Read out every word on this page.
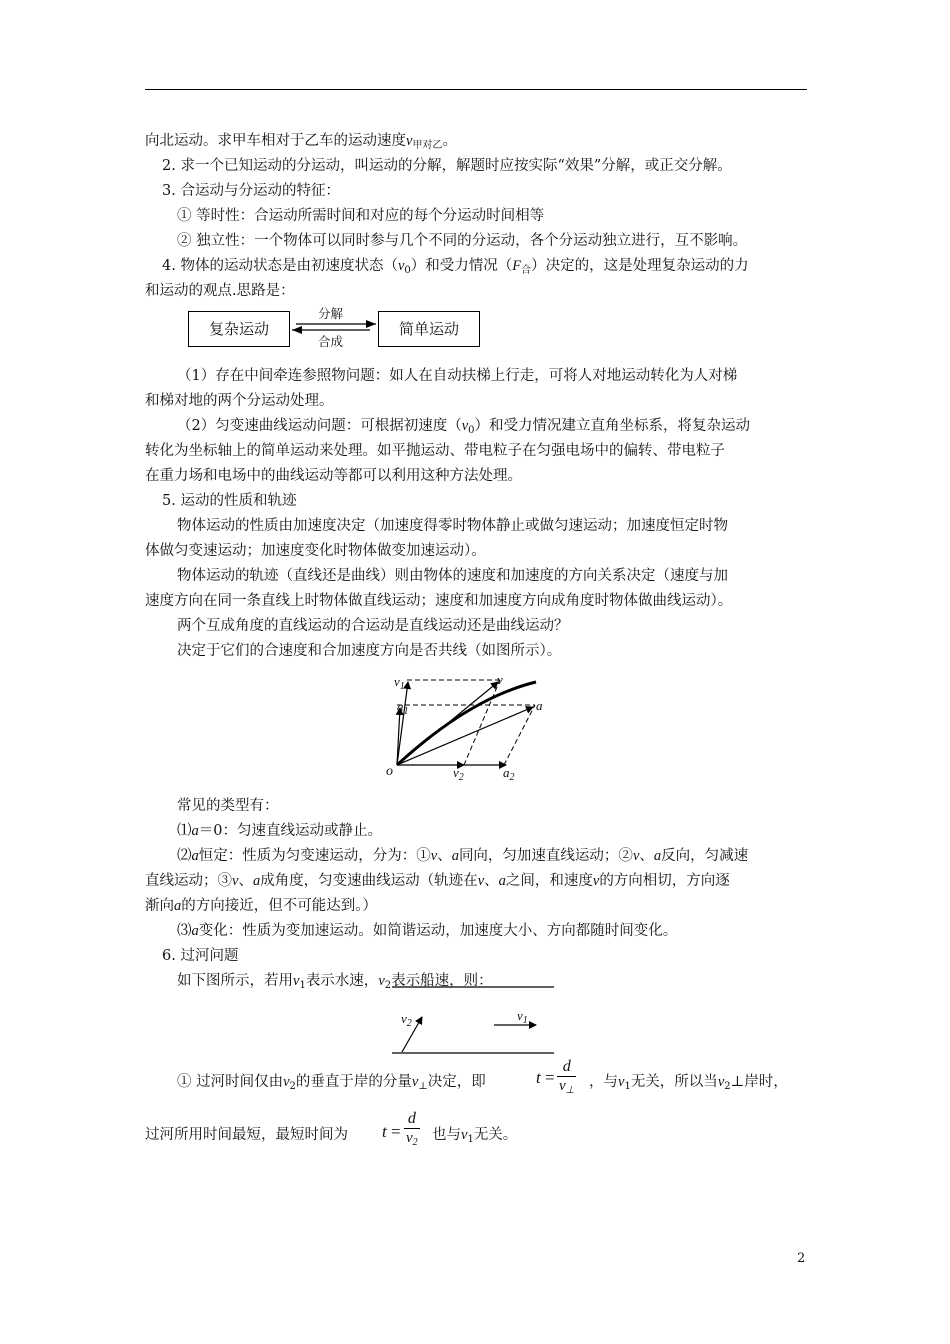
向北运动。求甲车相对于乙车的运动速度$v_{甲对乙}$。
2. 求一个已知运动的分运动，叫运动的分解，解题时应按实际“效果”分解，或正交分解。
3. 合运动与分运动的特征：
① 等时性：合运动所需时间和对应的每个分运动时间相等
② 独立性：一个物体可以同时参与几个不同的分运动，各个分运动独立进行，互不影响。
4. 物体的运动状态是由初速度状态$(v_0)$和受力情况$(F_合)$决定的，这是处理复杂运动的力
和运动的观点.思路是：
复杂运动	简单运动
分解
合成
（1）存在中间牵连参照物问题：如人在自动扶梯上行走，可将人对地运动转化为人对梯
和梯对地的两个分运动处理。
（2）匀变速曲线运动问题：可根据初速度$(v_0)$和受力情况建立直角坐标系，将复杂运动
转化为坐标轴上的简单运动来处理。如平抛运动、带电粒子在匀强电场中的偏转、带电粒子
在重力场和电场中的曲线运动等都可以利用这种方法处理。
5. 运动的性质和轨迹
物体运动的性质由加速度决定（加速度得零时物体静止或做匀速运动；加速度恒定时物
体做匀变速运动；加速度变化时物体做变加速运动）。
物体运动的轨迹（直线还是曲线）则由物体的速度和加速度的方向关系决定（速度与加
速度方向在同一条直线上时物体做直线运动；速度和加速度方向成角度时物体做曲线运动）。
两个互成角度的直线运动的合运动是直线运动还是曲线运动？
决定于它们的合速度和合加速度方向是否共线（如图所示）。
$v_1$	v
$a_1$	a
o	$v_2$	$a_2$
常见的类型有：
⑴a＝0：匀速直线运动或静止。
⑵a恒定：性质为匀变速运动，分为：①v、a同向，匀加速直线运动；②v、a反向，匀减速
直线运动；③v、a成角度，匀变速曲线运动（轨迹在v、a之间，和速度v的方向相切，方向逐
渐向a的方向接近，但不可能达到。）
⑶a变化：性质为变加速运动。如简谐运动，加速度大小、方向都随时间变化。
6. 过河问题
如下图所示，若用$v_1$表示水速，$v_2$表示船速，则：
$v_2$
$v_1$
① 过河时间仅由$v_2$的垂直于岸的分量$v_\perp$决定，即	$t = \frac{d}{v_\perp}$ ，与$v_1$无关，所以当$v_2\perp$岸时，
过河所用时间最短，最短时间为 $t = \frac{d}{v_2}$ 也与$v_1$无关。
2
